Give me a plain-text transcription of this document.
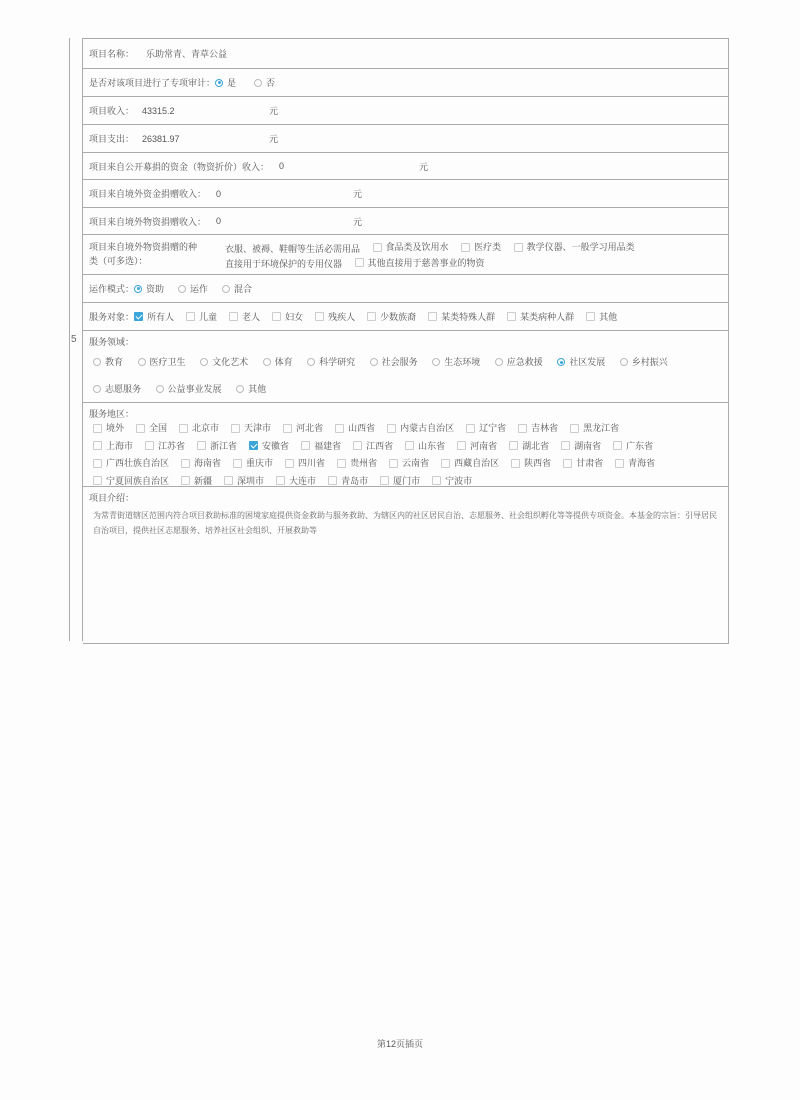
5
项目名称： 乐助常青、青草公益
是否对该项目进行了专项审计： 是	否
项目收入： 43315.2	元
项目支出： 26381.97	元
项目来自公开募捐的资金（物资折价）收入： 0	元
项目来自境外资金捐赠收入： 0	元
项目来自境外物资捐赠收入： 0	元
项目来自境外物资捐赠的种
类（可多选）：
衣服、被褥、鞋帽等生活必需用品
	食品类及饮用水
	医疗类
	教学仪器、一般学习用品类
直接用于环境保护的专用仪器
	其他直接用于慈善事业的物资
运作模式： 资助	运作	混合
服务对象： 所有人	儿童	老人	妇女	残疾人	少数族裔	某类特殊人群	某类病种人群	其他
服务领域：
教育
	医疗卫生
	文化艺术
	体育
	科学研究
	社会服务
	生态环境
	应急救援
	社区发展
	乡村振兴
志愿服务
	公益事业发展
	其他
服务地区：
境外	全国	北京市	天津市	河北省	山西省	内蒙古自治区	辽宁省	吉林省	黑龙江省
上海市	江苏省	浙江省	安徽省	福建省	江西省	山东省	河南省	湖北省	湖南省	广东省
广西壮族自治区	海南省	重庆市	四川省	贵州省	云南省	西藏自治区	陕西省	甘肃省	青海省
宁夏回族自治区	新疆	深圳市	大连市	青岛市	厦门市	宁波市
项目介绍：
为常青街道辖区范围内符合项目救助标准的困境家庭提供资金救助与服务救助、为辖区内的社区居民自治、志愿服务、社会组织孵化等等提供专项资金。本基金的宗旨：引导居民自治项目，提供社区志愿服务、培养社区社会组织、开展救助等
第12页插页
